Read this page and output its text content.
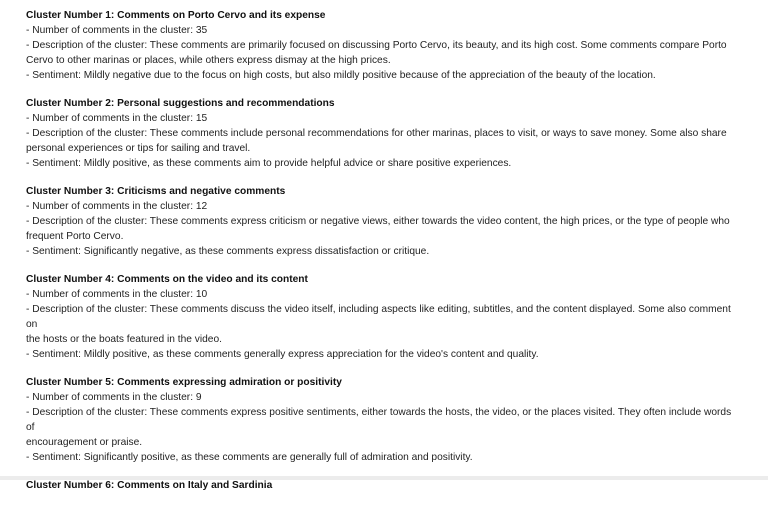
Cluster Number 1: Comments on Porto Cervo and its expense

- Number of comments in the cluster: 35

- Description of the cluster: These comments are primarily focused on discussing Porto Cervo, its beauty, and its high cost. Some comments compare Porto

Cervo to other marinas or places, while others express dismay at the high prices.

- Sentiment: Mildly negative due to the focus on high costs, but also mildly positive because of the appreciation of the beauty of the location.

Cluster Number 2: Personal suggestions and recommendations

- Number of comments in the cluster: 15

- Description of the cluster: These comments include personal recommendations for other marinas, places to visit, or ways to save money. Some also share

personal experiences or tips for sailing and travel.

- Sentiment: Mildly positive, as these comments aim to provide helpful advice or share positive experiences.

Cluster Number 3: Criticisms and negative comments

- Number of comments in the cluster: 12

- Description of the cluster: These comments express criticism or negative views, either towards the video content, the high prices, or the type of people who

frequent Porto Cervo.

- Sentiment: Significantly negative, as these comments express dissatisfaction or critique.

Cluster Number 4: Comments on the video and its content

- Number of comments in the cluster: 10

- Description of the cluster: These comments discuss the video itself, including aspects like editing, subtitles, and the content displayed. Some also comment on

the hosts or the boats featured in the video.

- Sentiment: Mildly positive, as these comments generally express appreciation for the video's content and quality.

Cluster Number 5: Comments expressing admiration or positivity

- Number of comments in the cluster: 9

- Description of the cluster: These comments express positive sentiments, either towards the hosts, the video, or the places visited. They often include words of

encouragement or praise.

- Sentiment: Significantly positive, as these comments are generally full of admiration and positivity.

Cluster Number 6: Comments on Italy and Sardinia
